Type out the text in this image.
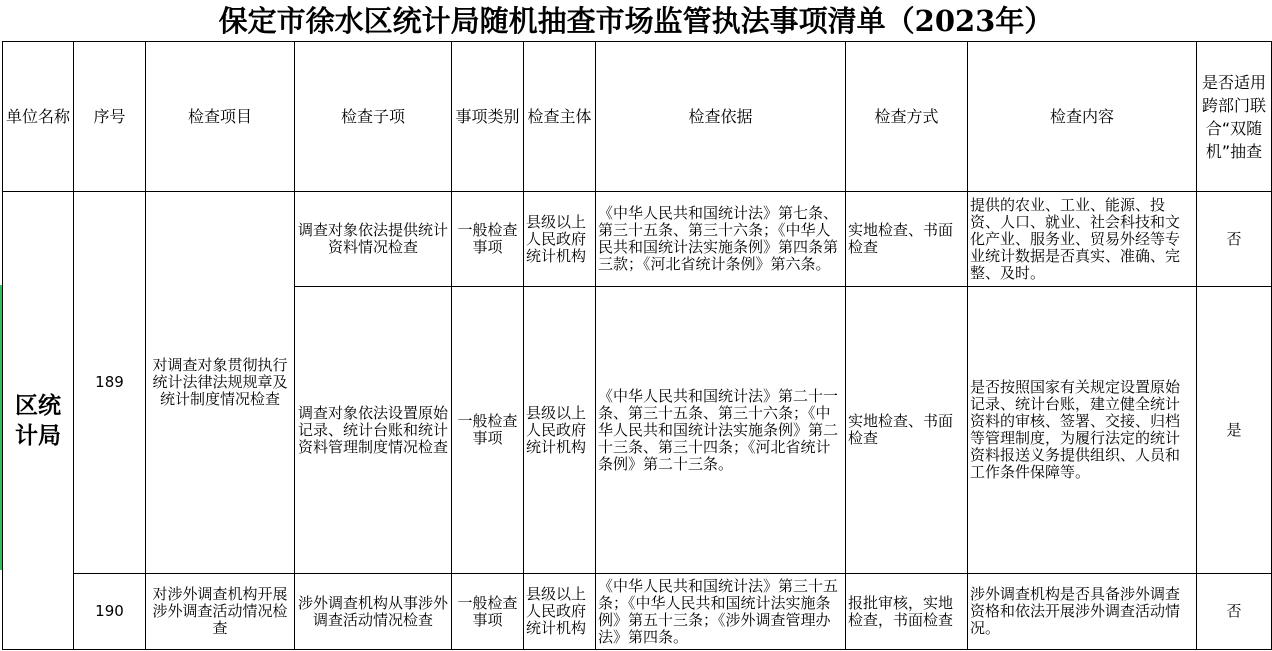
保定市徐水区统计局随机抽查市场监管执法事项清单（2023年）
单位名称	序号	检查项目	检查子项	事项类别	检查主体	检查依据	检查方式	检查内容	是否适用跨部门联合“双随机”抽查
区统计局	189	对调查对象贯彻执行统计法律法规规章及统计制度情况检查	调查对象依法提供统计资料情况检查	一般检查事项	县级以上人民政府统计机构	《中华人民共和国统计法》第七条、第三十五条、第三十六条；《中华人民共和国统计法实施条例》第四条第三款；《河北省统计条例》第六条。	实地检查、书面检查	提供的农业、工业、能源、投资、人口、就业、社会科技和文化产业、服务业、贸易外经等专业统计数据是否真实、准确、完整、及时。	否
			调查对象依法设置原始记录、统计台账和统计资料管理制度情况检查	一般检查事项	县级以上人民政府统计机构	《中华人民共和国统计法》第二十一条、第三十五条、第三十六条；《中华人民共和国统计法实施条例》第二十三条、第三十四条；《河北省统计条例》第二十三条。	实地检查、书面检查	是否按照国家有关规定设置原始记录、统计台账，建立健全统计资料的审核、签署、交接、归档等管理制度，为履行法定的统计资料报送义务提供组织、人员和工作条件保障等。	是
	190	对涉外调查机构开展涉外调查活动情况检查	涉外调查机构从事涉外调查活动情况检查	一般检查事项	县级以上人民政府统计机构	《中华人民共和国统计法》第三十五条；《中华人民共和国统计法实施条例》第五十三条；《涉外调查管理办法》第四条。	报批审核，实地检查，书面检查	涉外调查机构是否具备涉外调查资格和依法开展涉外调查活动情况。	否
